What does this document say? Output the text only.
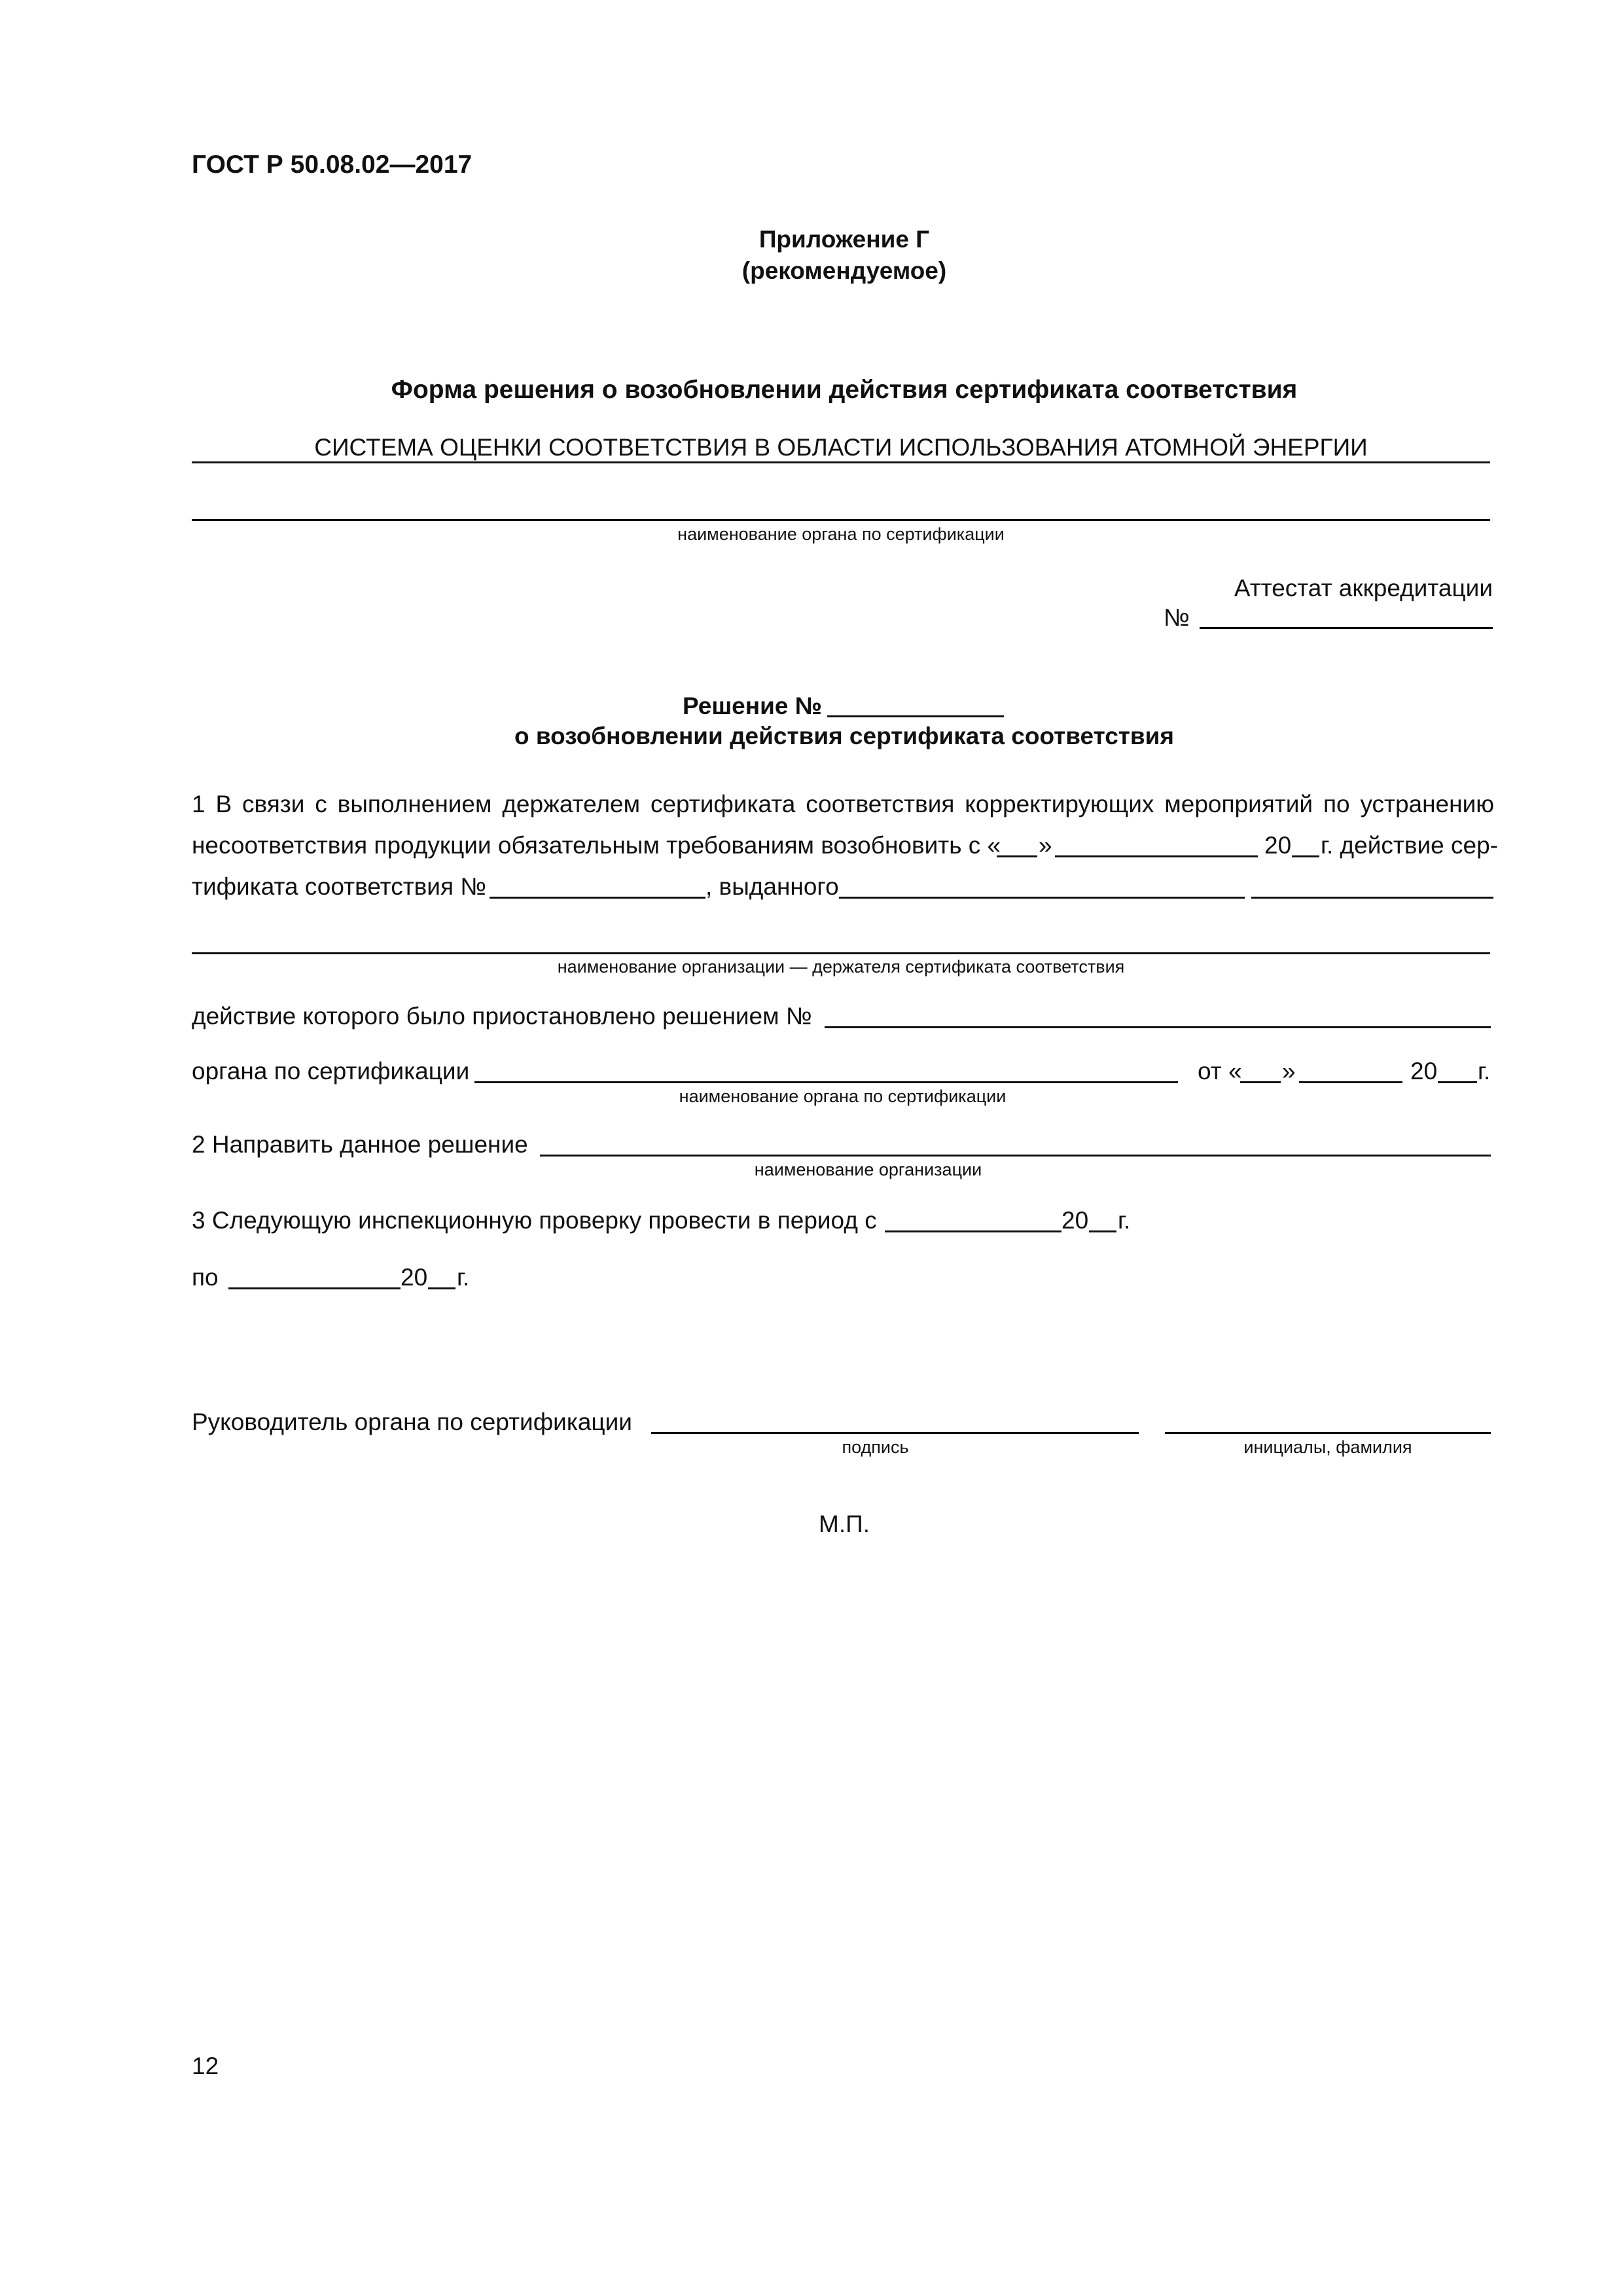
ГОСТ Р 50.08.02—2017
Приложение Г
(рекомендуемое)
Форма решения о возобновлении действия сертификата соответствия
СИСТЕМА ОЦЕНКИ СООТВЕТСТВИЯ В ОБЛАСТИ ИСПОЛЬЗОВАНИЯ АТОМНОЙ ЭНЕРГИИ
наименование органа по сертификации
Аттестат аккредитации
№
Решение №
о возобновлении действия сертификата соответствия
1 В связи с выполнением держателем сертификата соответствия корректирующих мероприятий по устранению
несоответствия продукции обязательным требованиям возобновить с « »	20 г. действие сер-
тификата соответствия №	, выданного
наименование организации — держателя сертификата соответствия
действие которого было приостановлено решением №
органа по сертификации	от « »	20 г.
наименование органа по сертификации
2 Направить данное решение
наименование организации
3 Следующую инспекционную проверку провести в период с	20 г.
по	20 г.
Руководитель органа по сертификации
подпись	инициалы, фамилия
М.П.
12
